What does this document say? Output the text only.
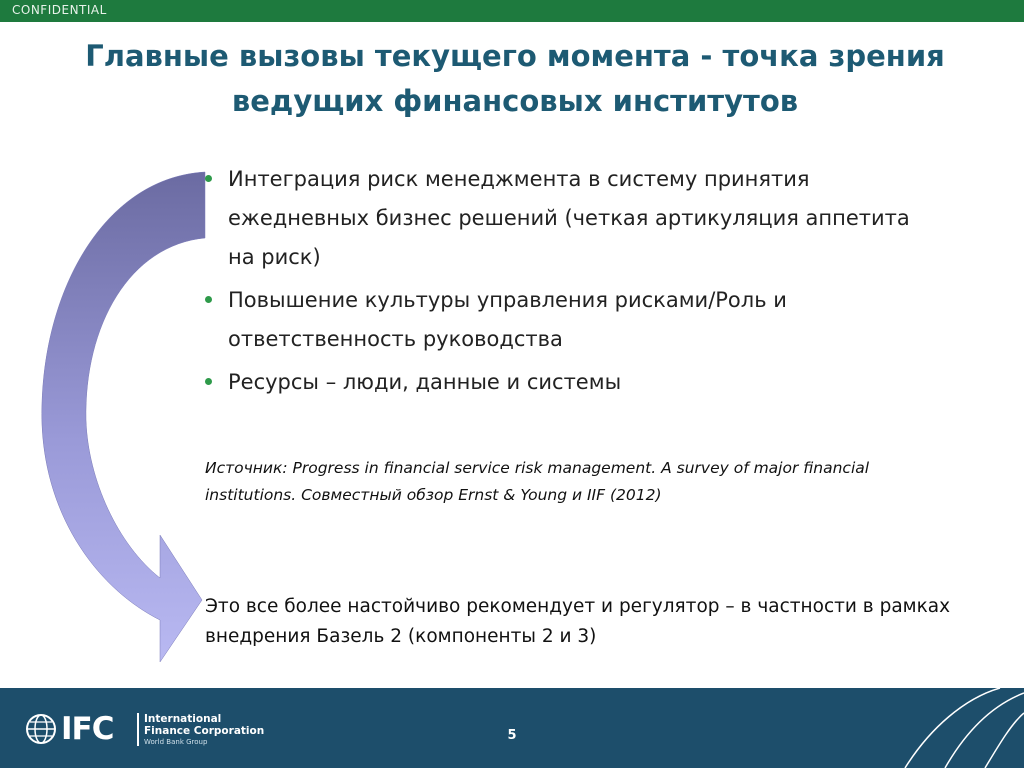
CONFIDENTIAL
Главные вызовы текущего момента - точка зрения ведущих финансовых институтов
Интеграция риск менеджмента в систему принятия ежедневных бизнес решений (четкая артикуляция аппетита на риск)
Повышение культуры управления рисками/Роль и ответственность руководства
Ресурсы – люди, данные и системы
Источник: Progress in financial service risk management. A survey of major financial institutions. Совместный обзор Ernst & Young и IIF (2012)
Это все более настойчиво рекомендует и регулятор – в частности в рамках внедрения Базель 2 (компоненты 2 и 3)
IFC	International
Finance Corporation
World Bank Group	5
